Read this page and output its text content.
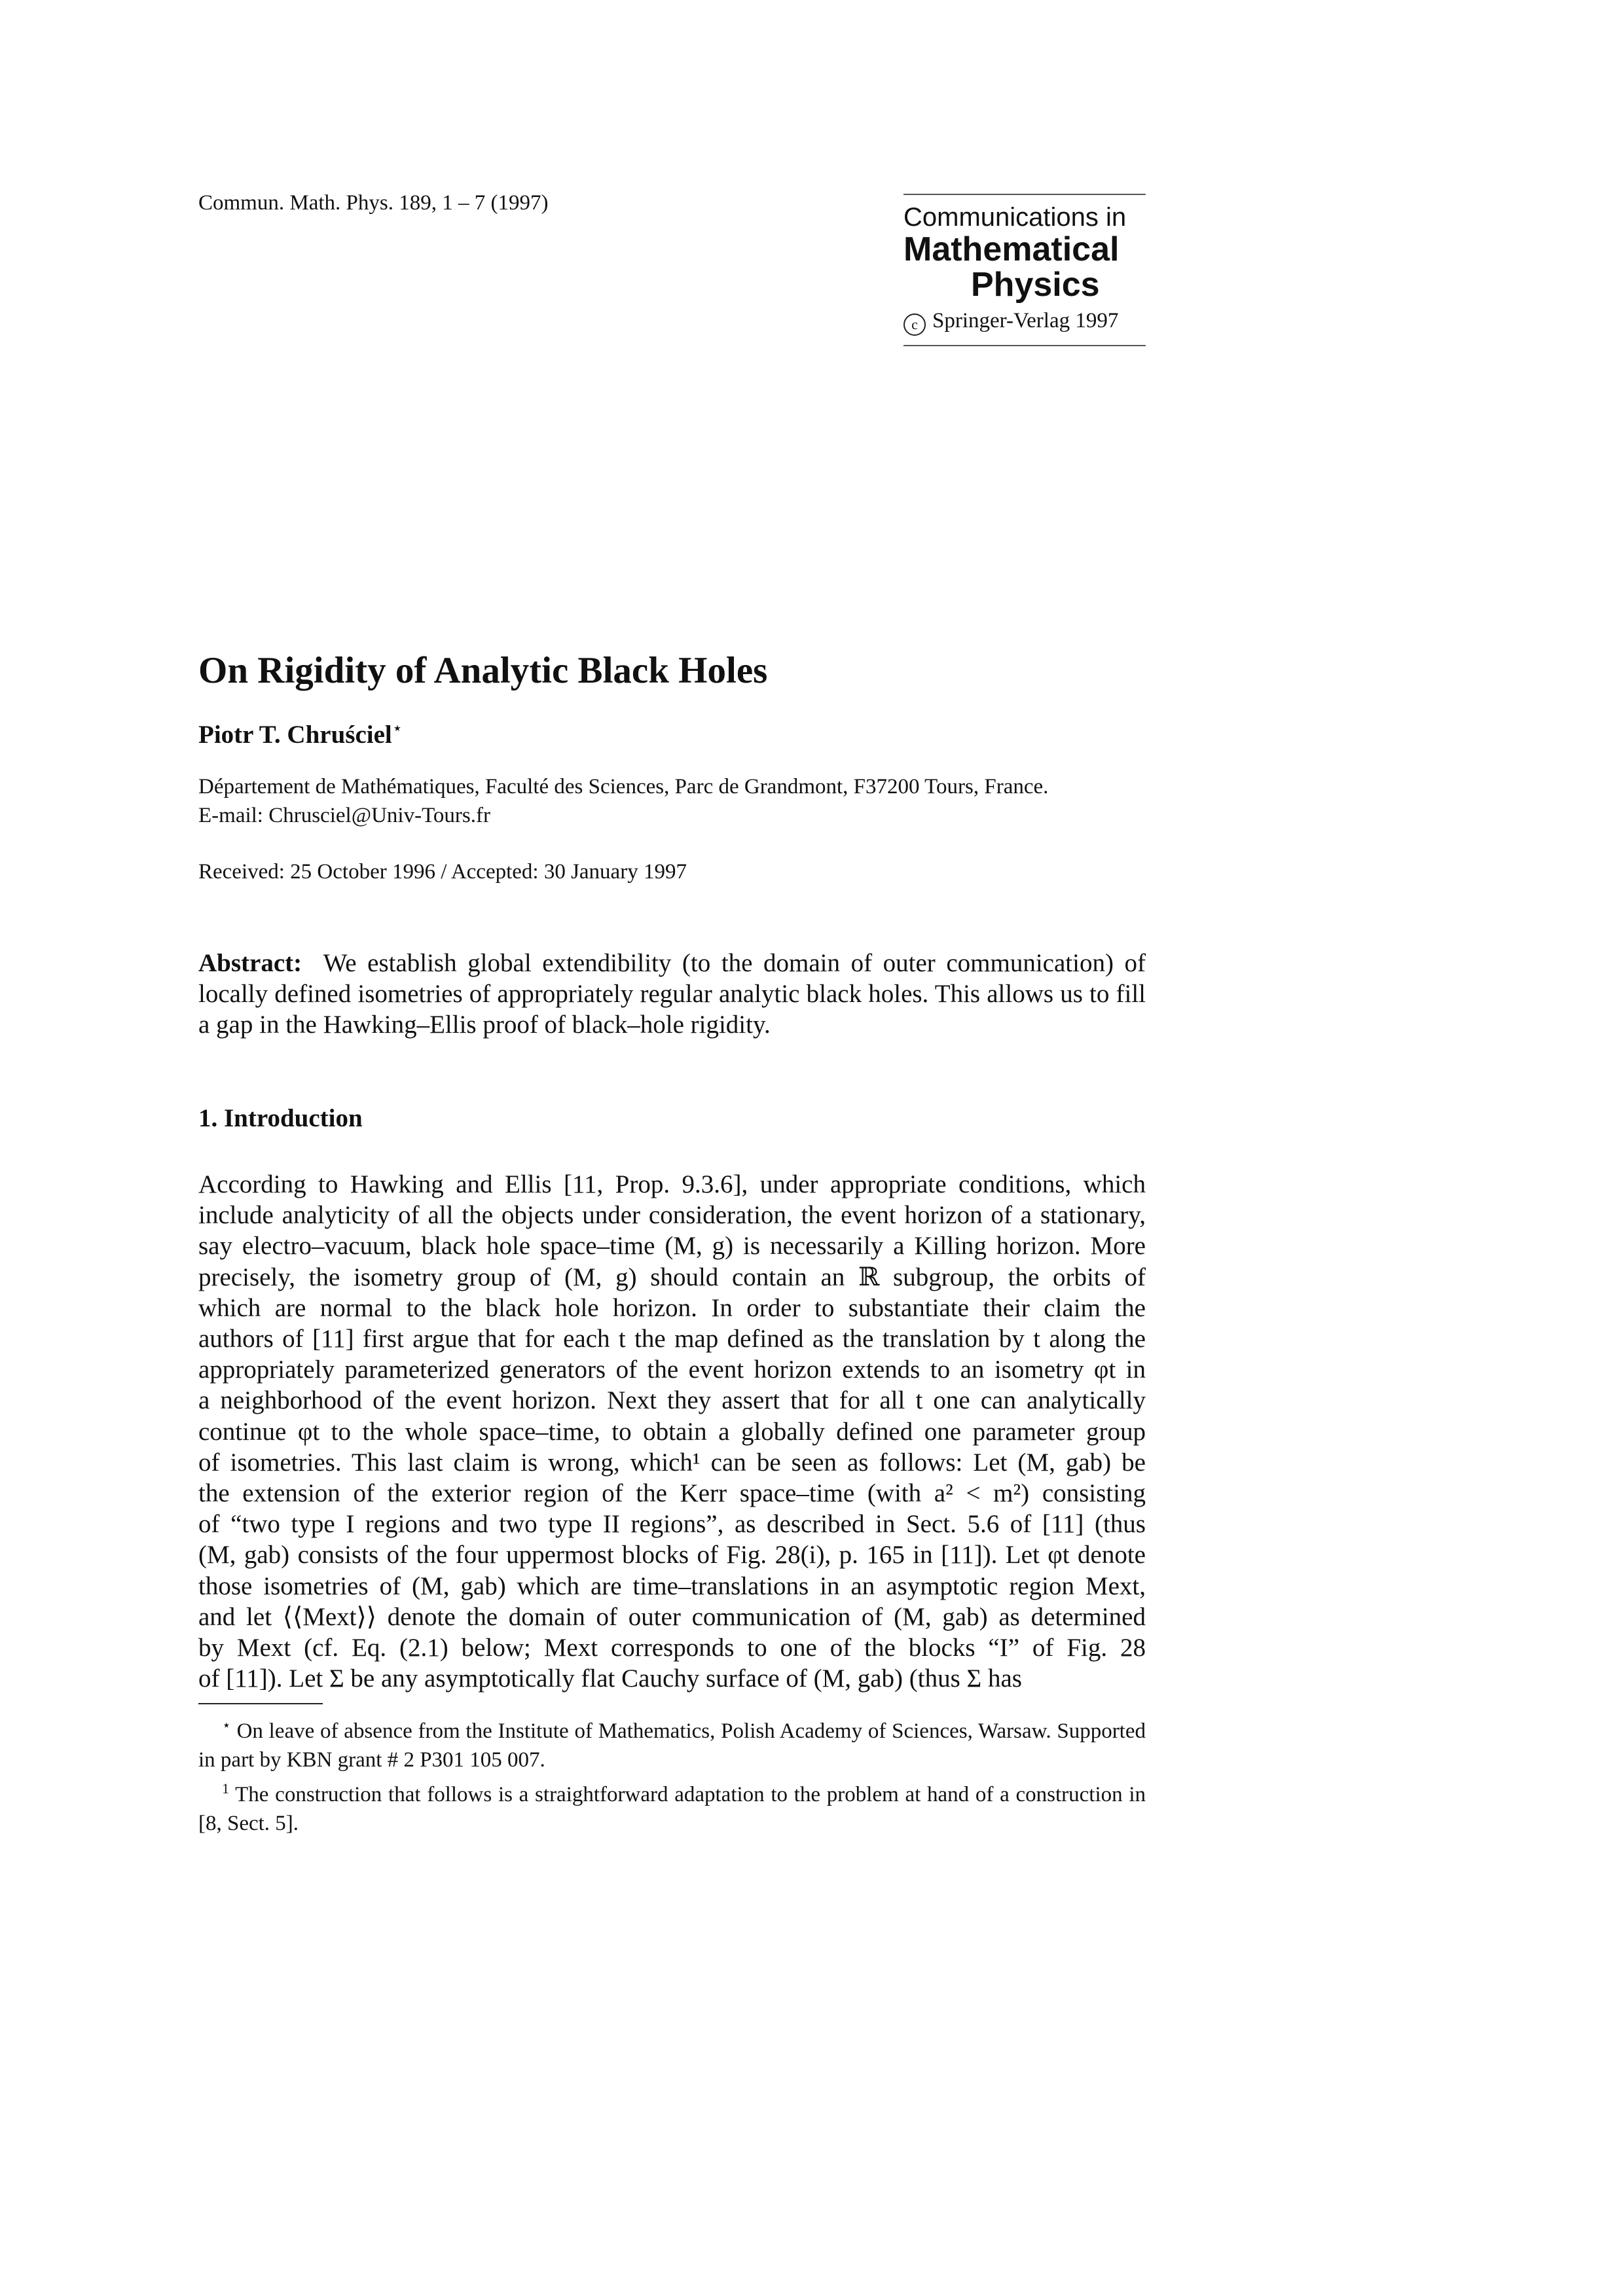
Commun. Math. Phys. 189, 1 – 7 (1997)	Communications in
Mathematical
Physics
c Springer-Verlag 1997
On Rigidity of Analytic Black Holes
Piotr T. Chruściel⋆
Département de Mathématiques, Faculté des Sciences, Parc de Grandmont, F37200 Tours, France.
E-mail: Chrusciel@Univ-Tours.fr
Received: 25 October 1996 / Accepted: 30 January 1997
Abstract: We establish global extendibility (to the domain of outer communication) of locally defined isometries of appropriately regular analytic black holes. This allows us to fill a gap in the Hawking–Ellis proof of black–hole rigidity.
1. Introduction
According to Hawking and Ellis [11, Prop. 9.3.6], under appropriate conditions, which
include analyticity of all the objects under consideration, the event horizon of a stationary,
say electro–vacuum, black hole space–time (M, g) is necessarily a Killing horizon. More
precisely, the isometry group of (M, g) should contain an ℝ subgroup, the orbits of
which are normal to the black hole horizon. In order to substantiate their claim the
authors of [11] first argue that for each t the map defined as the translation by t along the
appropriately parameterized generators of the event horizon extends to an isometry φt in
a neighborhood of the event horizon. Next they assert that for all t one can analytically
continue φt to the whole space–time, to obtain a globally defined one parameter group
of isometries. This last claim is wrong, which¹ can be seen as follows: Let (M, gab) be
the extension of the exterior region of the Kerr space–time (with a² < m²) consisting
of “two type I regions and two type II regions”, as described in Sect. 5.6 of [11] (thus
(M, gab) consists of the four uppermost blocks of Fig. 28(i), p. 165 in [11]). Let φt denote
those isometries of (M, gab) which are time–translations in an asymptotic region Mext,
and let ⟨⟨Mext⟩⟩ denote the domain of outer communication of (M, gab) as determined
by Mext (cf. Eq. (2.1) below; Mext corresponds to one of the blocks “I” of Fig. 28
of [11]). Let Σ be any asymptotically flat Cauchy surface of (M, gab) (thus Σ has
⋆ On leave of absence from the Institute of Mathematics, Polish Academy of Sciences, Warsaw. Supported in part by KBN grant # 2 P301 105 007.
$^1$ The construction that follows is a straightforward adaptation to the problem at hand of a construction in [8, Sect. 5].
